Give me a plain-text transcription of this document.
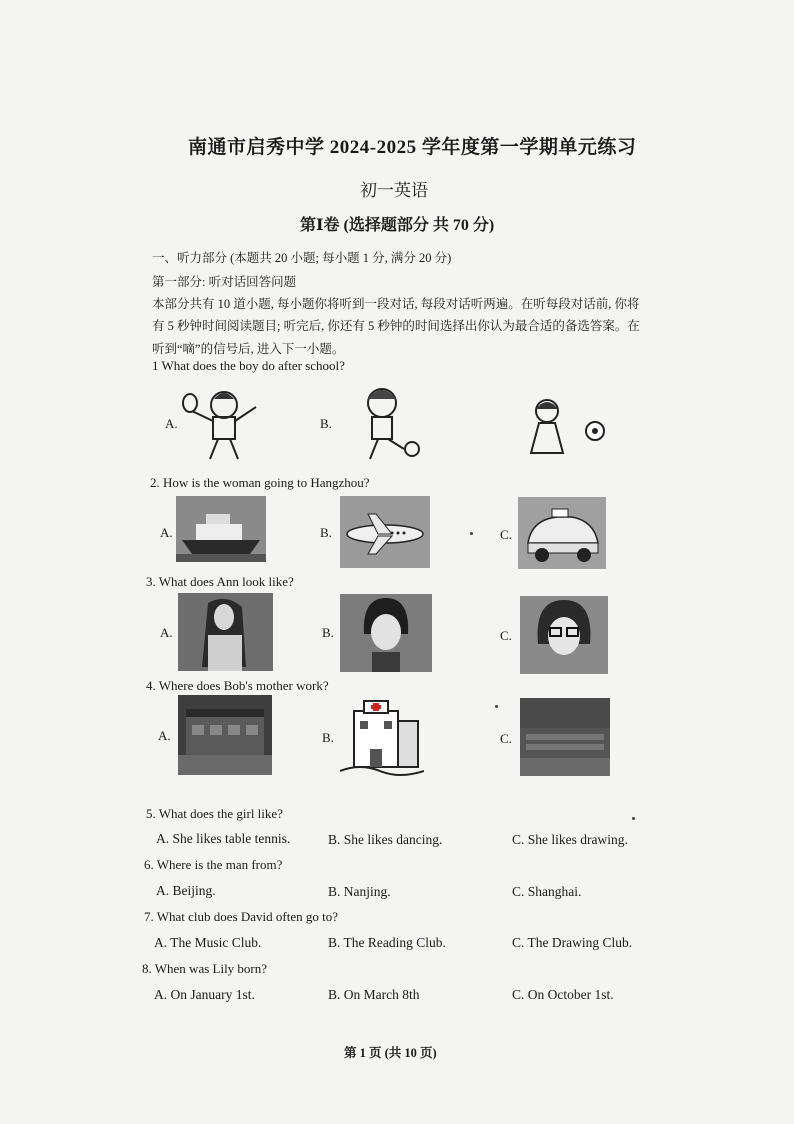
南通市启秀中学 2024-2025 学年度第一学期单元练习
初一英语
第Ⅰ卷 (选择题部分 共 70 分)
一、听力部分 (本题共 20 小题; 每小题 1 分, 满分 20 分)
第一部分: 听对话回答问题
本部分共有 10 道小题, 每小题你将听到一段对话, 每段对话听两遍。在听每段对话前, 你将
有 5 秒钟时间阅读题目; 听完后, 你还有 5 秒钟的时间选择出你认为最合适的备选答案。在
听到“嘀”的信号后, 进入下一小题。
1 What does the boy do after school?
A.	B.
2. How is the woman going to Hangzhou?
A.	B.	C.
3. What does Ann look like?
A.	B.	C.
4. Where does Bob's mother work?
A.	B.	C.
5. What does the girl like?
A. She likes table tennis.	B. She likes dancing.	C. She likes drawing.
6. Where is the man from?
A. Beijing.	B. Nanjing.	C. Shanghai.
7. What club does David often go to?
A. The Music Club.	B. The Reading Club.	C. The Drawing Club.
8. When was Lily born?
A. On January 1st.	B. On March 8th	C. On October 1st.
第 1 页 (共 10 页)
